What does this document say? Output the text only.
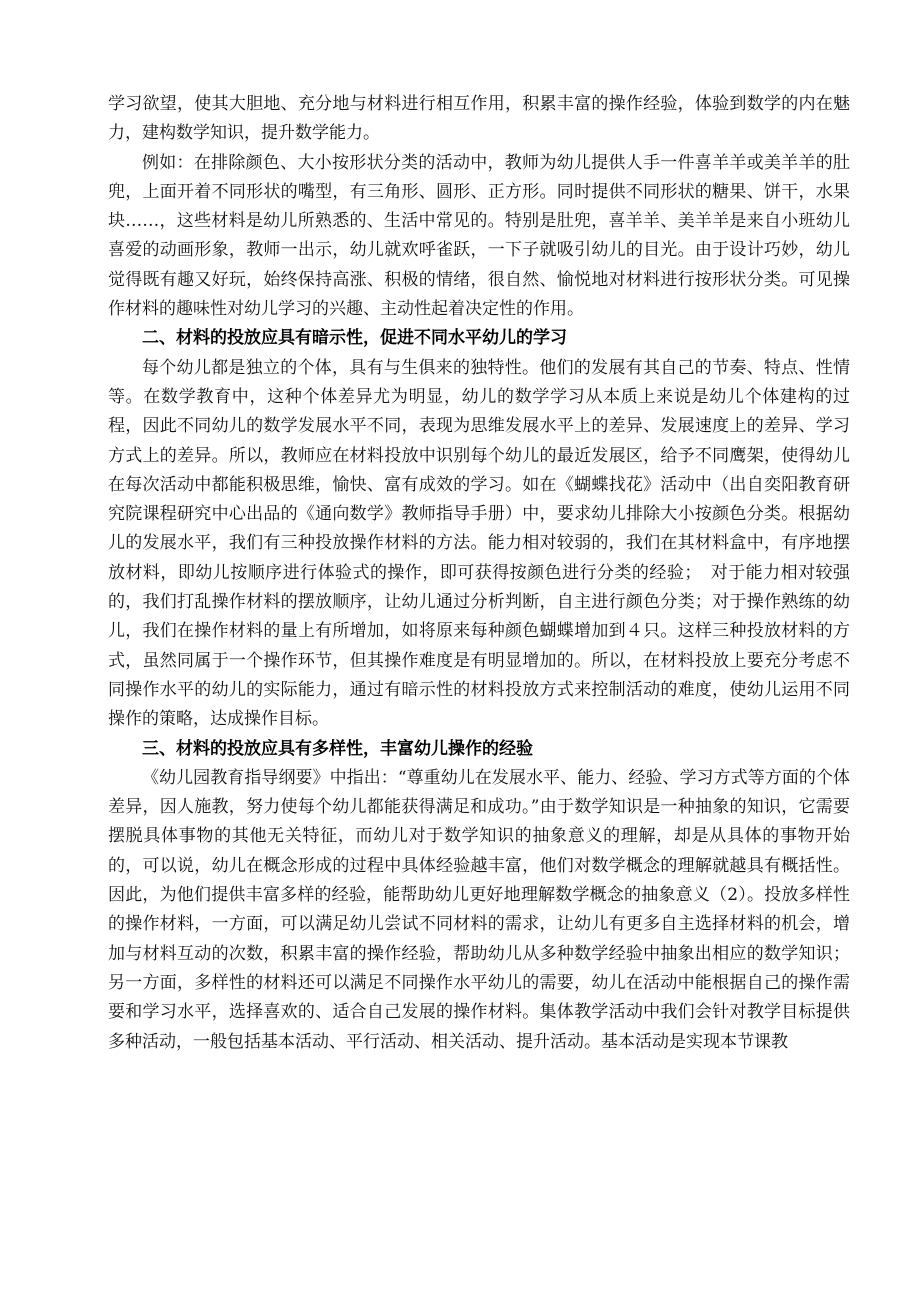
学习欲望，使其大胆地、充分地与材料进行相互作用，积累丰富的操作经验，体验到数学的内在魅力，建构数学知识，提升数学能力。

例如：在排除颜色、大小按形状分类的活动中，教师为幼儿提供人手一件喜羊羊或美羊羊的肚兜，上面开着不同形状的嘴型，有三角形、圆形、正方形。同时提供不同形状的糖果、饼干，水果块……，这些材料是幼儿所熟悉的、生活中常见的。特别是肚兜，喜羊羊、美羊羊是来自小班幼儿喜爱的动画形象，教师一出示，幼儿就欢呼雀跃，一下子就吸引幼儿的目光。由于设计巧妙，幼儿觉得既有趣又好玩，始终保持高涨、积极的情绪，很自然、愉悦地对材料进行按形状分类。可见操作材料的趣味性对幼儿学习的兴趣、主动性起着决定性的作用。

二、材料的投放应具有暗示性，促进不同水平幼儿的学习

每个幼儿都是独立的个体，具有与生俱来的独特性。他们的发展有其自己的节奏、特点、性情等。在数学教育中，这种个体差异尤为明显，幼儿的数学学习从本质上来说是幼儿个体建构的过程，因此不同幼儿的数学发展水平不同，表现为思维发展水平上的差异、发展速度上的差异、学习方式上的差异。所以，教师应在材料投放中识别每个幼儿的最近发展区，给予不同鹰架，使得幼儿在每次活动中都能积极思维，愉快、富有成效的学习。如在《蝴蝶找花》活动中（出自奕阳教育研究院课程研究中心出品的《通向数学》教师指导手册）中，要求幼儿排除大小按颜色分类。根据幼儿的发展水平，我们有三种投放操作材料的方法。能力相对较弱的，我们在其材料盒中，有序地摆放材料，即幼儿按顺序进行体验式的操作，即可获得按颜色进行分类的经验；　对于能力相对较强的，我们打乱操作材料的摆放顺序，让幼儿通过分析判断，自主进行颜色分类；对于操作熟练的幼儿，我们在操作材料的量上有所增加，如将原来每种颜色蝴蝶增加到４只。这样三种投放材料的方式，虽然同属于一个操作环节，但其操作难度是有明显增加的。所以，在材料投放上要充分考虑不同操作水平的幼儿的实际能力，通过有暗示性的材料投放方式来控制活动的难度，使幼儿运用不同操作的策略，达成操作目标。

三、材料的投放应具有多样性，丰富幼儿操作的经验

《幼儿园教育指导纲要》中指出：“尊重幼儿在发展水平、能力、经验、学习方式等方面的个体差异，因人施教，努力使每个幼儿都能获得满足和成功。”由于数学知识是一种抽象的知识，它需要摆脱具体事物的其他无关特征，而幼儿对于数学知识的抽象意义的理解，却是从具体的事物开始的，可以说，幼儿在概念形成的过程中具体经验越丰富，他们对数学概念的理解就越具有概括性。因此，为他们提供丰富多样的经验，能帮助幼儿更好地理解数学概念的抽象意义（2）。投放多样性的操作材料，一方面，可以满足幼儿尝试不同材料的需求，让幼儿有更多自主选择材料的机会，增加与材料互动的次数，积累丰富的操作经验，帮助幼儿从多种数学经验中抽象出相应的数学知识；另一方面，多样性的材料还可以满足不同操作水平幼儿的需要，幼儿在活动中能根据自己的操作需要和学习水平，选择喜欢的、适合自己发展的操作材料。集体教学活动中我们会针对教学目标提供多种活动，一般包括基本活动、平行活动、相关活动、提升活动。基本活动是实现本节课教
